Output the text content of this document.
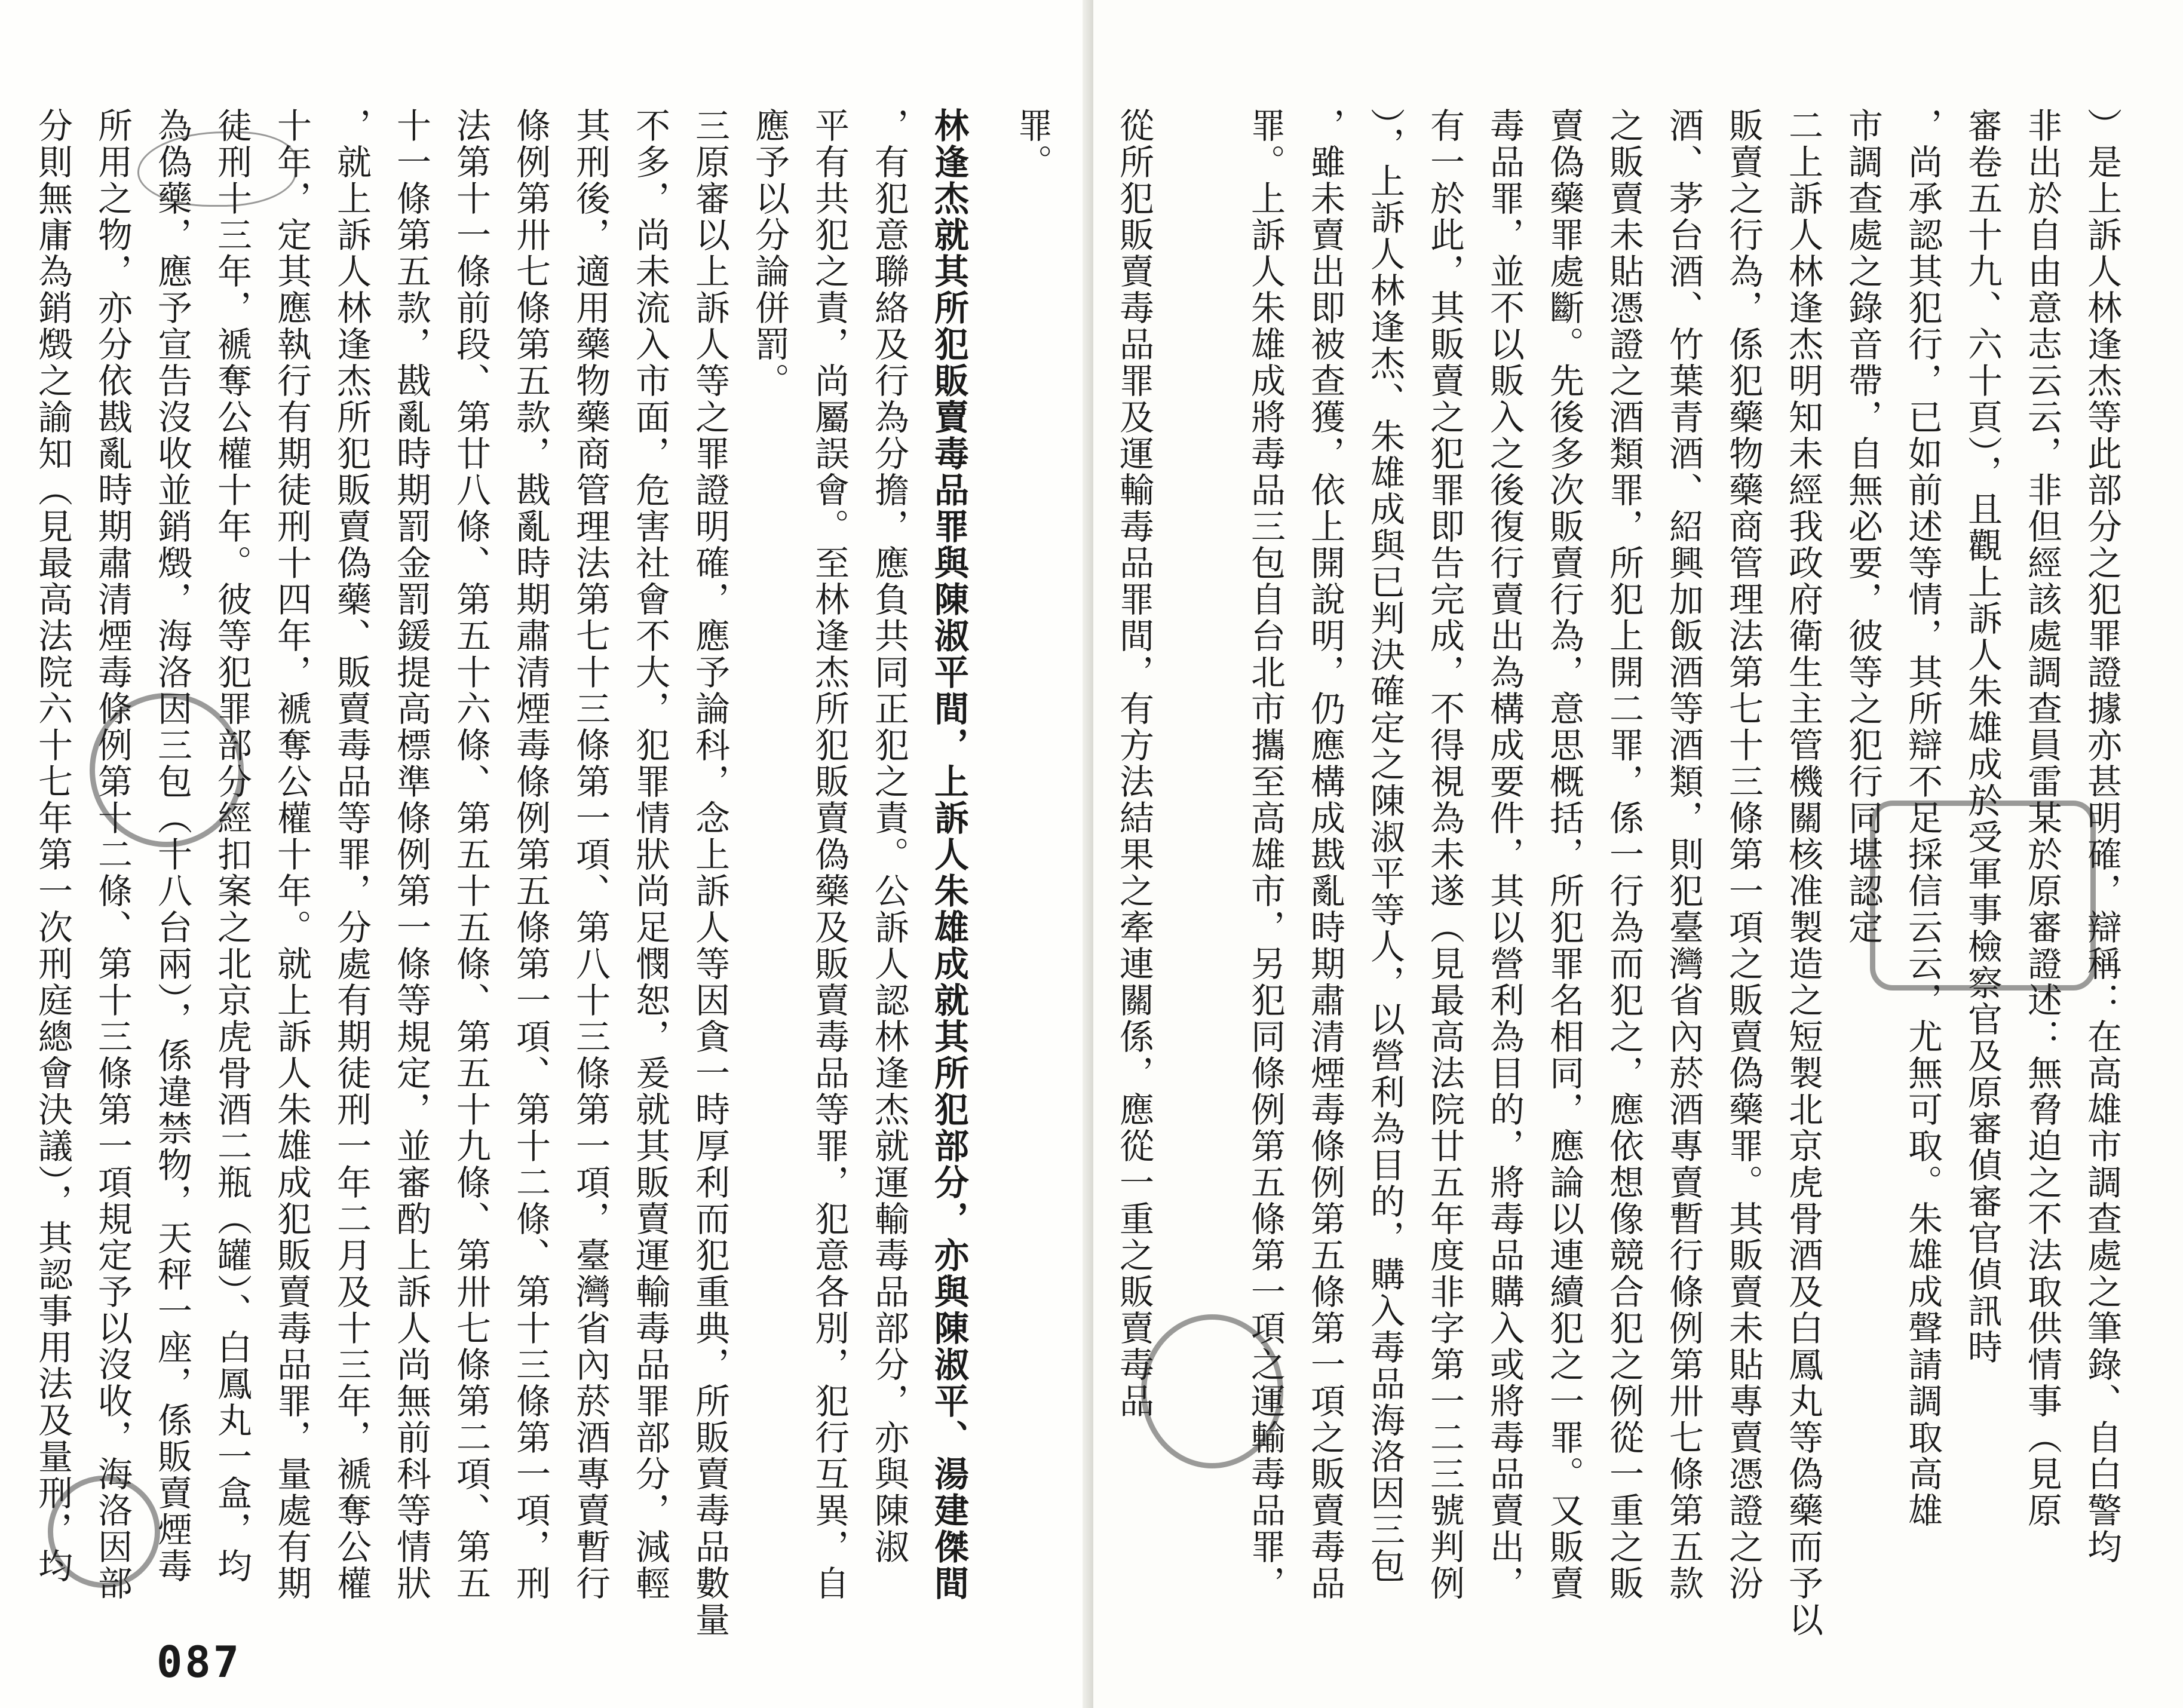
罪。
林逢杰就其所犯販賣毒品罪與陳淑平間，上訴人朱雄成就其所犯部分，亦與陳淑平、湯建傑間
，有犯意聯絡及行為分擔，應負共同正犯之責。公訴人認林逢杰就運輸毒品部分，亦與陳淑
平有共犯之責，尚屬誤會。至林逢杰所犯販賣偽藥及販賣毒品等罪，犯意各別，犯行互異，自
應予以分論併罰。
三原審以上訴人等之罪證明確，應予論科，念上訴人等因貪一時厚利而犯重典，所販賣毒品數量
不多，尚未流入市面，危害社會不大，犯罪情狀尚足憫恕，爰就其販賣運輸毒品罪部分，減輕
其刑後，適用藥物藥商管理法第七十三條第一項、第八十三條第一項，臺灣省內菸酒專賣暫行
條例第卅七條第五款，戡亂時期肅清煙毒條例第五條第一項、第十二條、第十三條第一項，刑
法第十一條前段、第廿八條、第五十六條、第五十五條、第五十九條、第卅七條第二項、第五
十一條第五款，戡亂時期罰金罰鍰提高標準條例第一條等規定，並審酌上訴人尚無前科等情狀
，就上訴人林逢杰所犯販賣偽藥、販賣毒品等罪，分處有期徒刑一年二月及十三年，褫奪公權
十年，定其應執行有期徒刑十四年，褫奪公權十年。就上訴人朱雄成犯販賣毒品罪，量處有期
徒刑十三年，褫奪公權十年。彼等犯罪部分經扣案之北京虎骨酒二瓶（罐）、白鳳丸一盒，均
為偽藥，應予宣告沒收並銷燬，海洛因三包（十八台兩），係違禁物，天秤一座，係販賣煙毒
所用之物，亦分依戡亂時期肅清煙毒條例第十二條、第十三條第一項規定予以沒收，海洛因部
分則無庸為銷燬之諭知（見最高法院六十七年第一次刑庭總會決議），其認事用法及量刑，均
087
）是上訴人林逢杰等此部分之犯罪證據亦甚明確，辯稱：在高雄市調查處之筆錄、自白警均
非出於自由意志云云，非但經該處調查員雷某於原審證述：無脅迫之不法取供情事（見原
審卷五十九、六十頁），且觀上訴人朱雄成於受軍事檢察官及原審偵審官偵訊時
，尚承認其犯行，已如前述等情，其所辯不足採信云云，尤無可取。朱雄成聲請調取高雄
市調查處之錄音帶，自無必要，彼等之犯行同堪認定
二上訴人林逢杰明知未經我政府衛生主管機關核准製造之短製北京虎骨酒及白鳳丸等偽藥而予以
販賣之行為，係犯藥物藥商管理法第七十三條第一項之販賣偽藥罪。其販賣未貼專賣憑證之汾
酒、茅台酒、竹葉青酒、紹興加飯酒等酒類，則犯臺灣省內菸酒專賣暫行條例第卅七條第五款
之販賣未貼憑證之酒類罪，所犯上開二罪，係一行為而犯之，應依想像競合犯之例從一重之販
賣偽藥罪處斷。先後多次販賣行為，意思概括，所犯罪名相同，應論以連續犯之一罪。又販賣
毒品罪，並不以販入之後復行賣出為構成要件，其以營利為目的，將毒品購入或將毒品賣出，
有一於此，其販賣之犯罪即告完成，不得視為未遂（見最高法院廿五年度非字第一二三號判例
），上訴人林逢杰、朱雄成與已判決確定之陳淑平等人，以營利為目的，購入毒品海洛因三包
，雖未賣出即被查獲，依上開說明，仍應構成戡亂時期肅清煙毒條例第五條第一項之販賣毒品
罪。上訴人朱雄成將毒品三包自台北市攜至高雄市，另犯同條例第五條第一項之運輸毒品罪，
從所犯販賣毒品罪及運輸毒品罪間，有方法結果之牽連關係，應從一重之販賣毒品
